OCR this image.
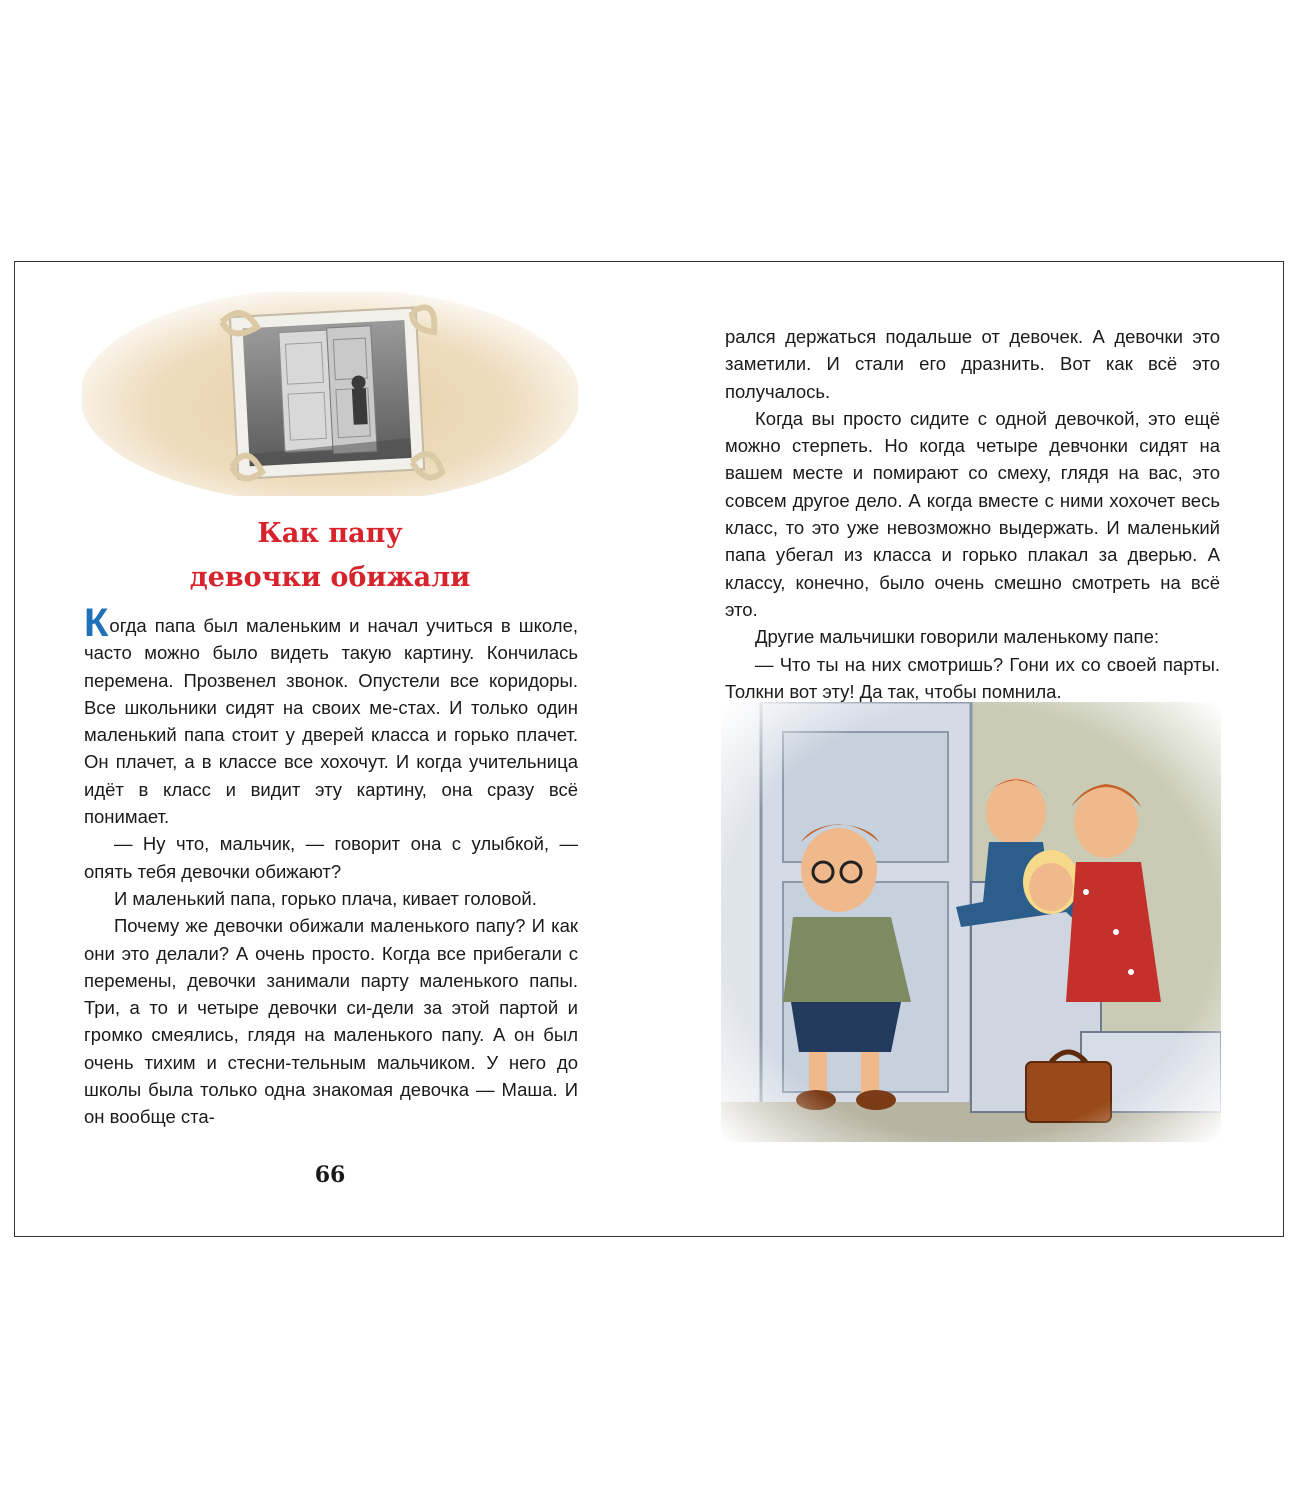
Как папу
девочки обижали

Когда папа был маленьким и начал учиться в школе, часто можно было видеть такую картину. Кончилась перемена. Прозвенел звонок. Опустели все коридоры. Все школьники сидят на своих ме-стах. И только один маленький папа стоит у дверей класса и горько плачет. Он плачет, а в классе все хохочут. И когда учительница идёт в класс и видит эту картину, она сразу всё понимает.

— Ну что, мальчик, — говорит она с улыбкой, — опять тебя девочки обижают?

И маленький папа, горько плача, кивает головой.

Почему же девочки обижали маленького папу? И как они это делали? А очень просто. Когда все прибегали с перемены, девочки занимали парту маленького папы. Три, а то и четыре девочки си-дели за этой партой и громко смеялись, глядя на маленького папу. А он был очень тихим и стесни-тельным мальчиком. У него до школы была только одна знакомая девочка — Маша. И он вообще ста-

66

рался держаться подальше от девочек. А девочки это заметили. И стали его дразнить. Вот как всё это получалось.

Когда вы просто сидите с одной девочкой, это ещё можно стерпеть. Но когда четыре девчонки сидят на вашем месте и помирают со смеху, глядя на вас, это совсем другое дело. А когда вместе с ними хохочет весь класс, то это уже невозможно выдержать. И маленький папа убегал из класса и горько плакал за дверью. А классу, конечно, было очень смешно смотреть на всё это.

Другие мальчишки говорили маленькому папе:

— Что ты на них смотришь? Гони их со своей парты. Толкни вот эту! Да так, чтобы помнила.
